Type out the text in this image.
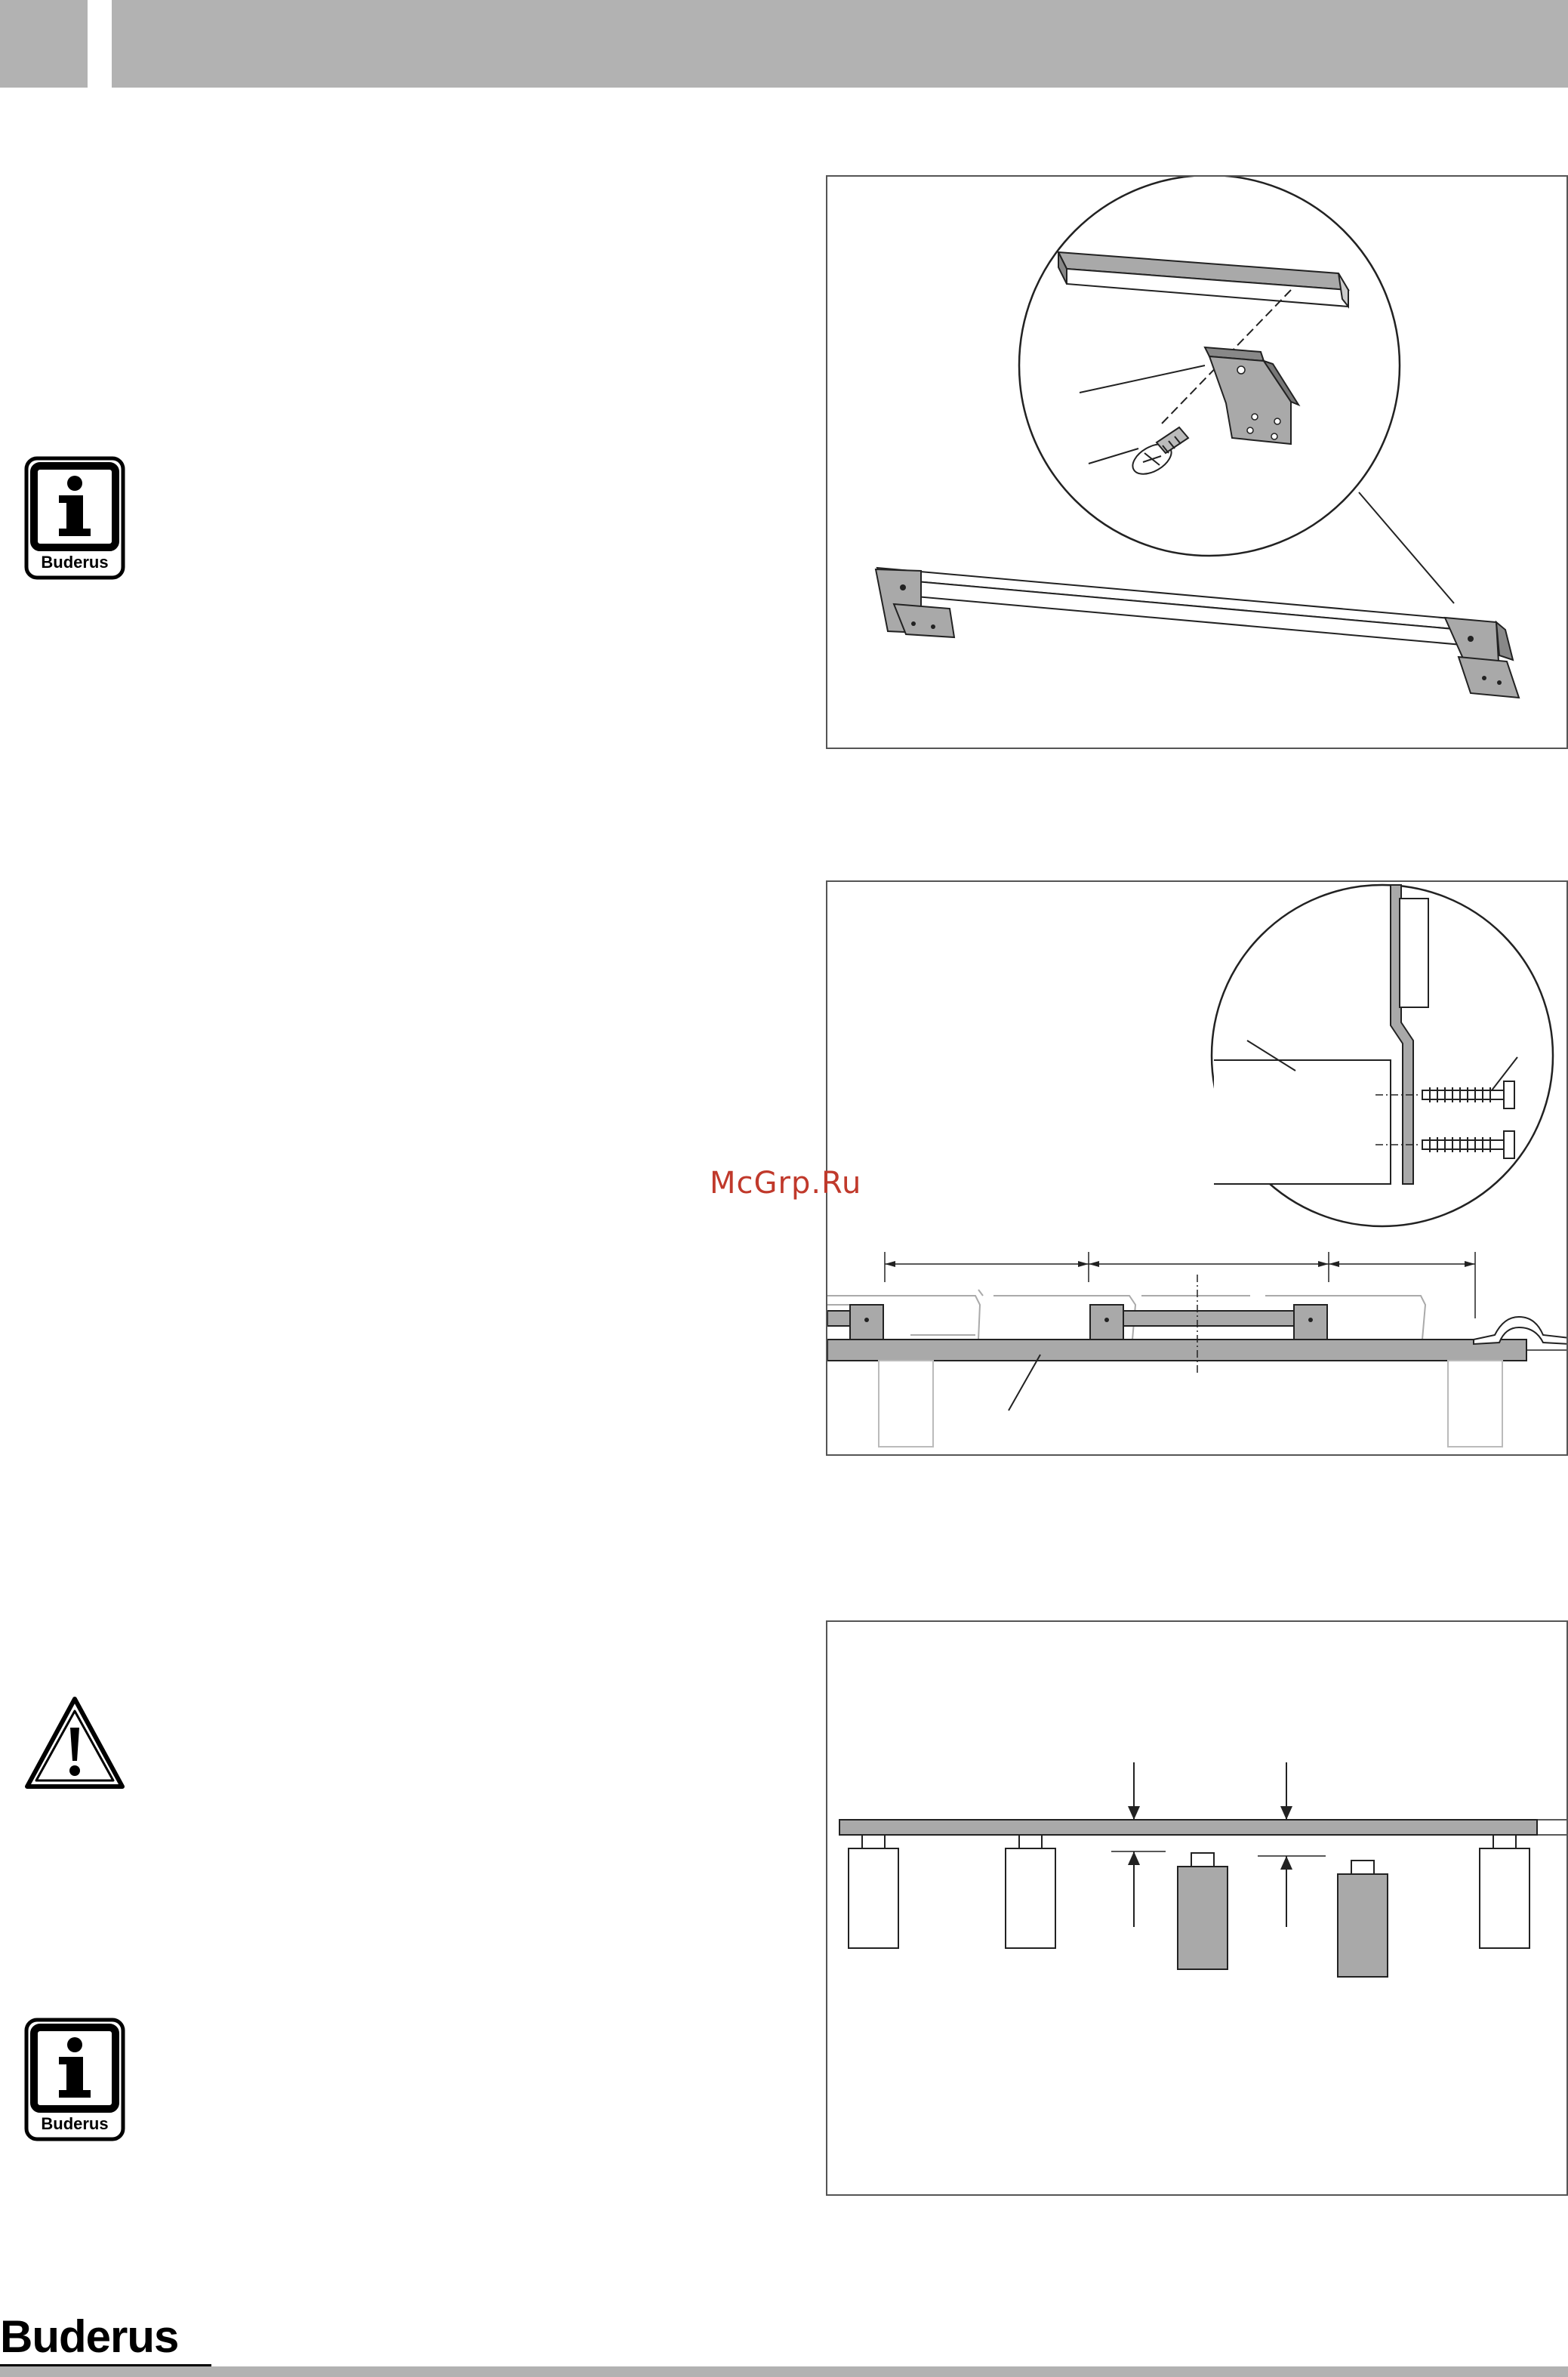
Buderus
Buderus
McGrp.Ru
Buderus
